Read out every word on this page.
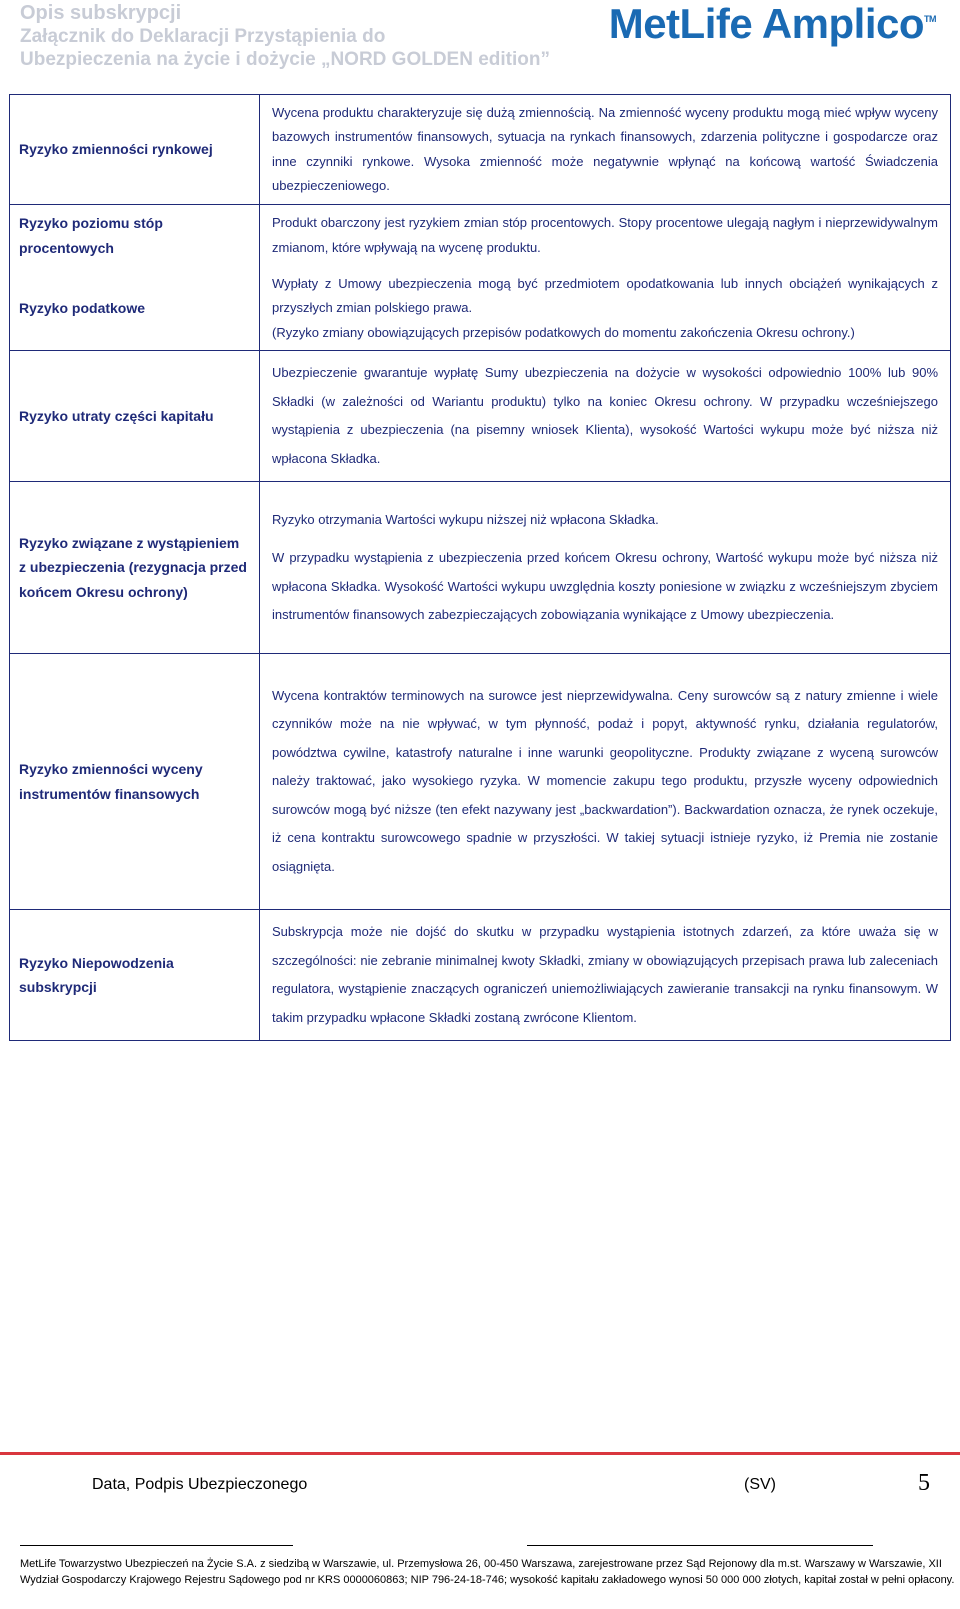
Opis subskrypcji
Załącznik do Deklaracji Przystąpienia do
Ubezpieczenia na życie i dożycie „NORD GOLDEN edition”
MetLife Amplico™
Ryzyko zmienności rynkowej	Wycena produktu charakteryzuje się dużą zmiennością. Na zmienność wyceny produktu mogą mieć wpływ wyceny bazowych instrumentów finansowych, sytuacja na rynkach finansowych, zdarzenia polityczne i gospodarcze oraz inne czynniki rynkowe. Wysoka zmienność może negatywnie wpłynąć na końcową wartość Świadczenia ubezpieczeniowego.

Ryzyko poziomu stóp procentowych	Produkt obarczony jest ryzykiem zmian stóp procentowych. Stopy procentowe ulegają nagłym i nieprzewidywalnym zmianom, które wpływają na wycenę produktu.

Ryzyko podatkowe	Wypłaty z Umowy ubezpieczenia mogą być przedmiotem opodatkowania lub innych obciążeń wynikających z przyszłych zmian polskiego prawa.

(Ryzyko zmiany obowiązujących przepisów podatkowych do momentu zakończenia Okresu ochrony.)

Ryzyko utraty części kapitału	Ubezpieczenie gwarantuje wypłatę Sumy ubezpieczenia na dożycie w wysokości odpowiednio 100% lub 90% Składki (w zależności od Wariantu produktu) tylko na koniec Okresu ochrony. W przypadku wcześniejszego wystąpienia z ubezpieczenia (na pisemny wniosek Klienta), wysokość Wartości wykupu może być niższa niż wpłacona Składka.

Ryzyko związane z wystąpieniem z ubezpieczenia (rezygnacja przed końcem Okresu ochrony)	Ryzyko otrzymania Wartości wykupu niższej niż wpłacona Składka.

W przypadku wystąpienia z ubezpieczenia przed końcem Okresu ochrony, Wartość wykupu może być niższa niż wpłacona Składka. Wysokość Wartości wykupu uwzględnia koszty poniesione w związku z wcześniejszym zbyciem instrumentów finansowych zabezpieczających zobowiązania wynikające z Umowy ubezpieczenia.

Ryzyko zmienności wyceny instrumentów finansowych	Wycena kontraktów terminowych na surowce jest nieprzewidywalna. Ceny surowców są z natury zmienne i wiele czynników może na nie wpływać, w tym płynność, podaż i popyt, aktywność rynku, działania regulatorów, powództwa cywilne, katastrofy naturalne i inne warunki geopolityczne. Produkty związane z wyceną surowców należy traktować, jako wysokiego ryzyka. W momencie zakupu tego produktu, przyszłe wyceny odpowiednich surowców mogą być niższe (ten efekt nazywany jest „backwardation”). Backwardation oznacza, że rynek oczekuje, iż cena kontraktu surowcowego spadnie w przyszłości. W takiej sytuacji istnieje ryzyko, iż Premia nie zostanie osiągnięta.

Ryzyko Niepowodzenia subskrypcji	Subskrypcja może nie dojść do skutku w przypadku wystąpienia istotnych zdarzeń, za które uważa się w szczególności: nie zebranie minimalnej kwoty Składki, zmiany w obowiązujących przepisach prawa lub zaleceniach regulatora, wystąpienie znaczących ograniczeń uniemożliwiających zawieranie transakcji na rynku finansowym. W takim przypadku wpłacone Składki zostaną zwrócone Klientom.

Data, Podpis Ubezpieczonego	(SV)	5
MetLife Towarzystwo Ubezpieczeń na Życie S.A. z siedzibą w Warszawie, ul. Przemysłowa 26, 00-450 Warszawa, zarejestrowane przez Sąd Rejonowy dla m.st. Warszawy w Warszawie, XII Wydział Gospodarczy Krajowego Rejestru Sądowego pod nr KRS 0000060863; NIP 796-24-18-746; wysokość kapitału zakładowego wynosi 50 000 000 złotych, kapitał został w pełni opłacony.
